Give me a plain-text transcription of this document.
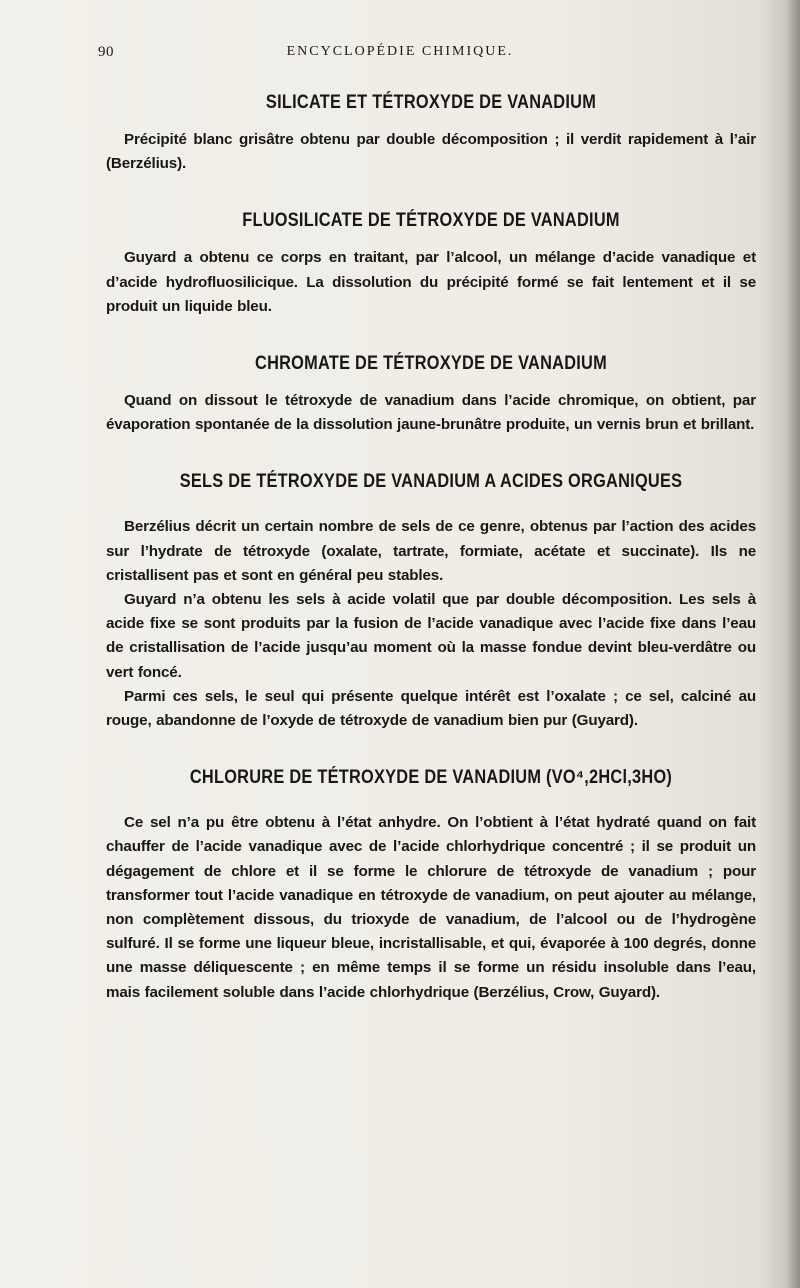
90	ENCYCLOPÉDIE CHIMIQUE.
SILICATE ET TÉTROXYDE DE VANADIUM

Précipité blanc grisâtre obtenu par double décomposition ; il verdit rapidement à l’air (Berzélius).

FLUOSILICATE DE TÉTROXYDE DE VANADIUM

Guyard a obtenu ce corps en traitant, par l’alcool, un mélange d’acide vanadique et d’acide hydrofluosilicique. La dissolution du précipité formé se fait lentement et il se produit un liquide bleu.

CHROMATE DE TÉTROXYDE DE VANADIUM

Quand on dissout le tétroxyde de vanadium dans l’acide chromique, on obtient, par évaporation spontanée de la dissolution jaune-brunâtre produite, un vernis brun et brillant.

SELS DE TÉTROXYDE DE VANADIUM A ACIDES ORGANIQUES

Berzélius décrit un certain nombre de sels de ce genre, obtenus par l’action des acides sur l’hydrate de tétroxyde (oxalate, tartrate, formiate, acétate et succinate). Ils ne cristallisent pas et sont en général peu stables.

Guyard n’a obtenu les sels à acide volatil que par double décomposition. Les sels à acide fixe se sont produits par la fusion de l’acide vanadique avec l’acide fixe dans l’eau de cristallisation de l’acide jusqu’au moment où la masse fondue devint bleu-verdâtre ou vert foncé.

Parmi ces sels, le seul qui présente quelque intérêt est l’oxalate ; ce sel, calciné au rouge, abandonne de l’oxyde de tétroxyde de vanadium bien pur (Guyard).

CHLORURE DE TÉTROXYDE DE VANADIUM (VO⁴,2HCl,3HO)

Ce sel n’a pu être obtenu à l’état anhydre. On l’obtient à l’état hydraté quand on fait chauffer de l’acide vanadique avec de l’acide chlorhydrique concentré ; il se produit un dégagement de chlore et il se forme le chlorure de tétroxyde de vanadium ; pour transformer tout l’acide vanadique en tétroxyde de vanadium, on peut ajouter au mélange, non complètement dissous, du trioxyde de vanadium, de l’alcool ou de l’hydrogène sulfuré. Il se forme une liqueur bleue, incristallisable, et qui, évaporée à 100 degrés, donne une masse déliquescente ; en même temps il se forme un résidu insoluble dans l’eau, mais facilement soluble dans l’acide chlorhydrique (Berzélius, Crow, Guyard).
